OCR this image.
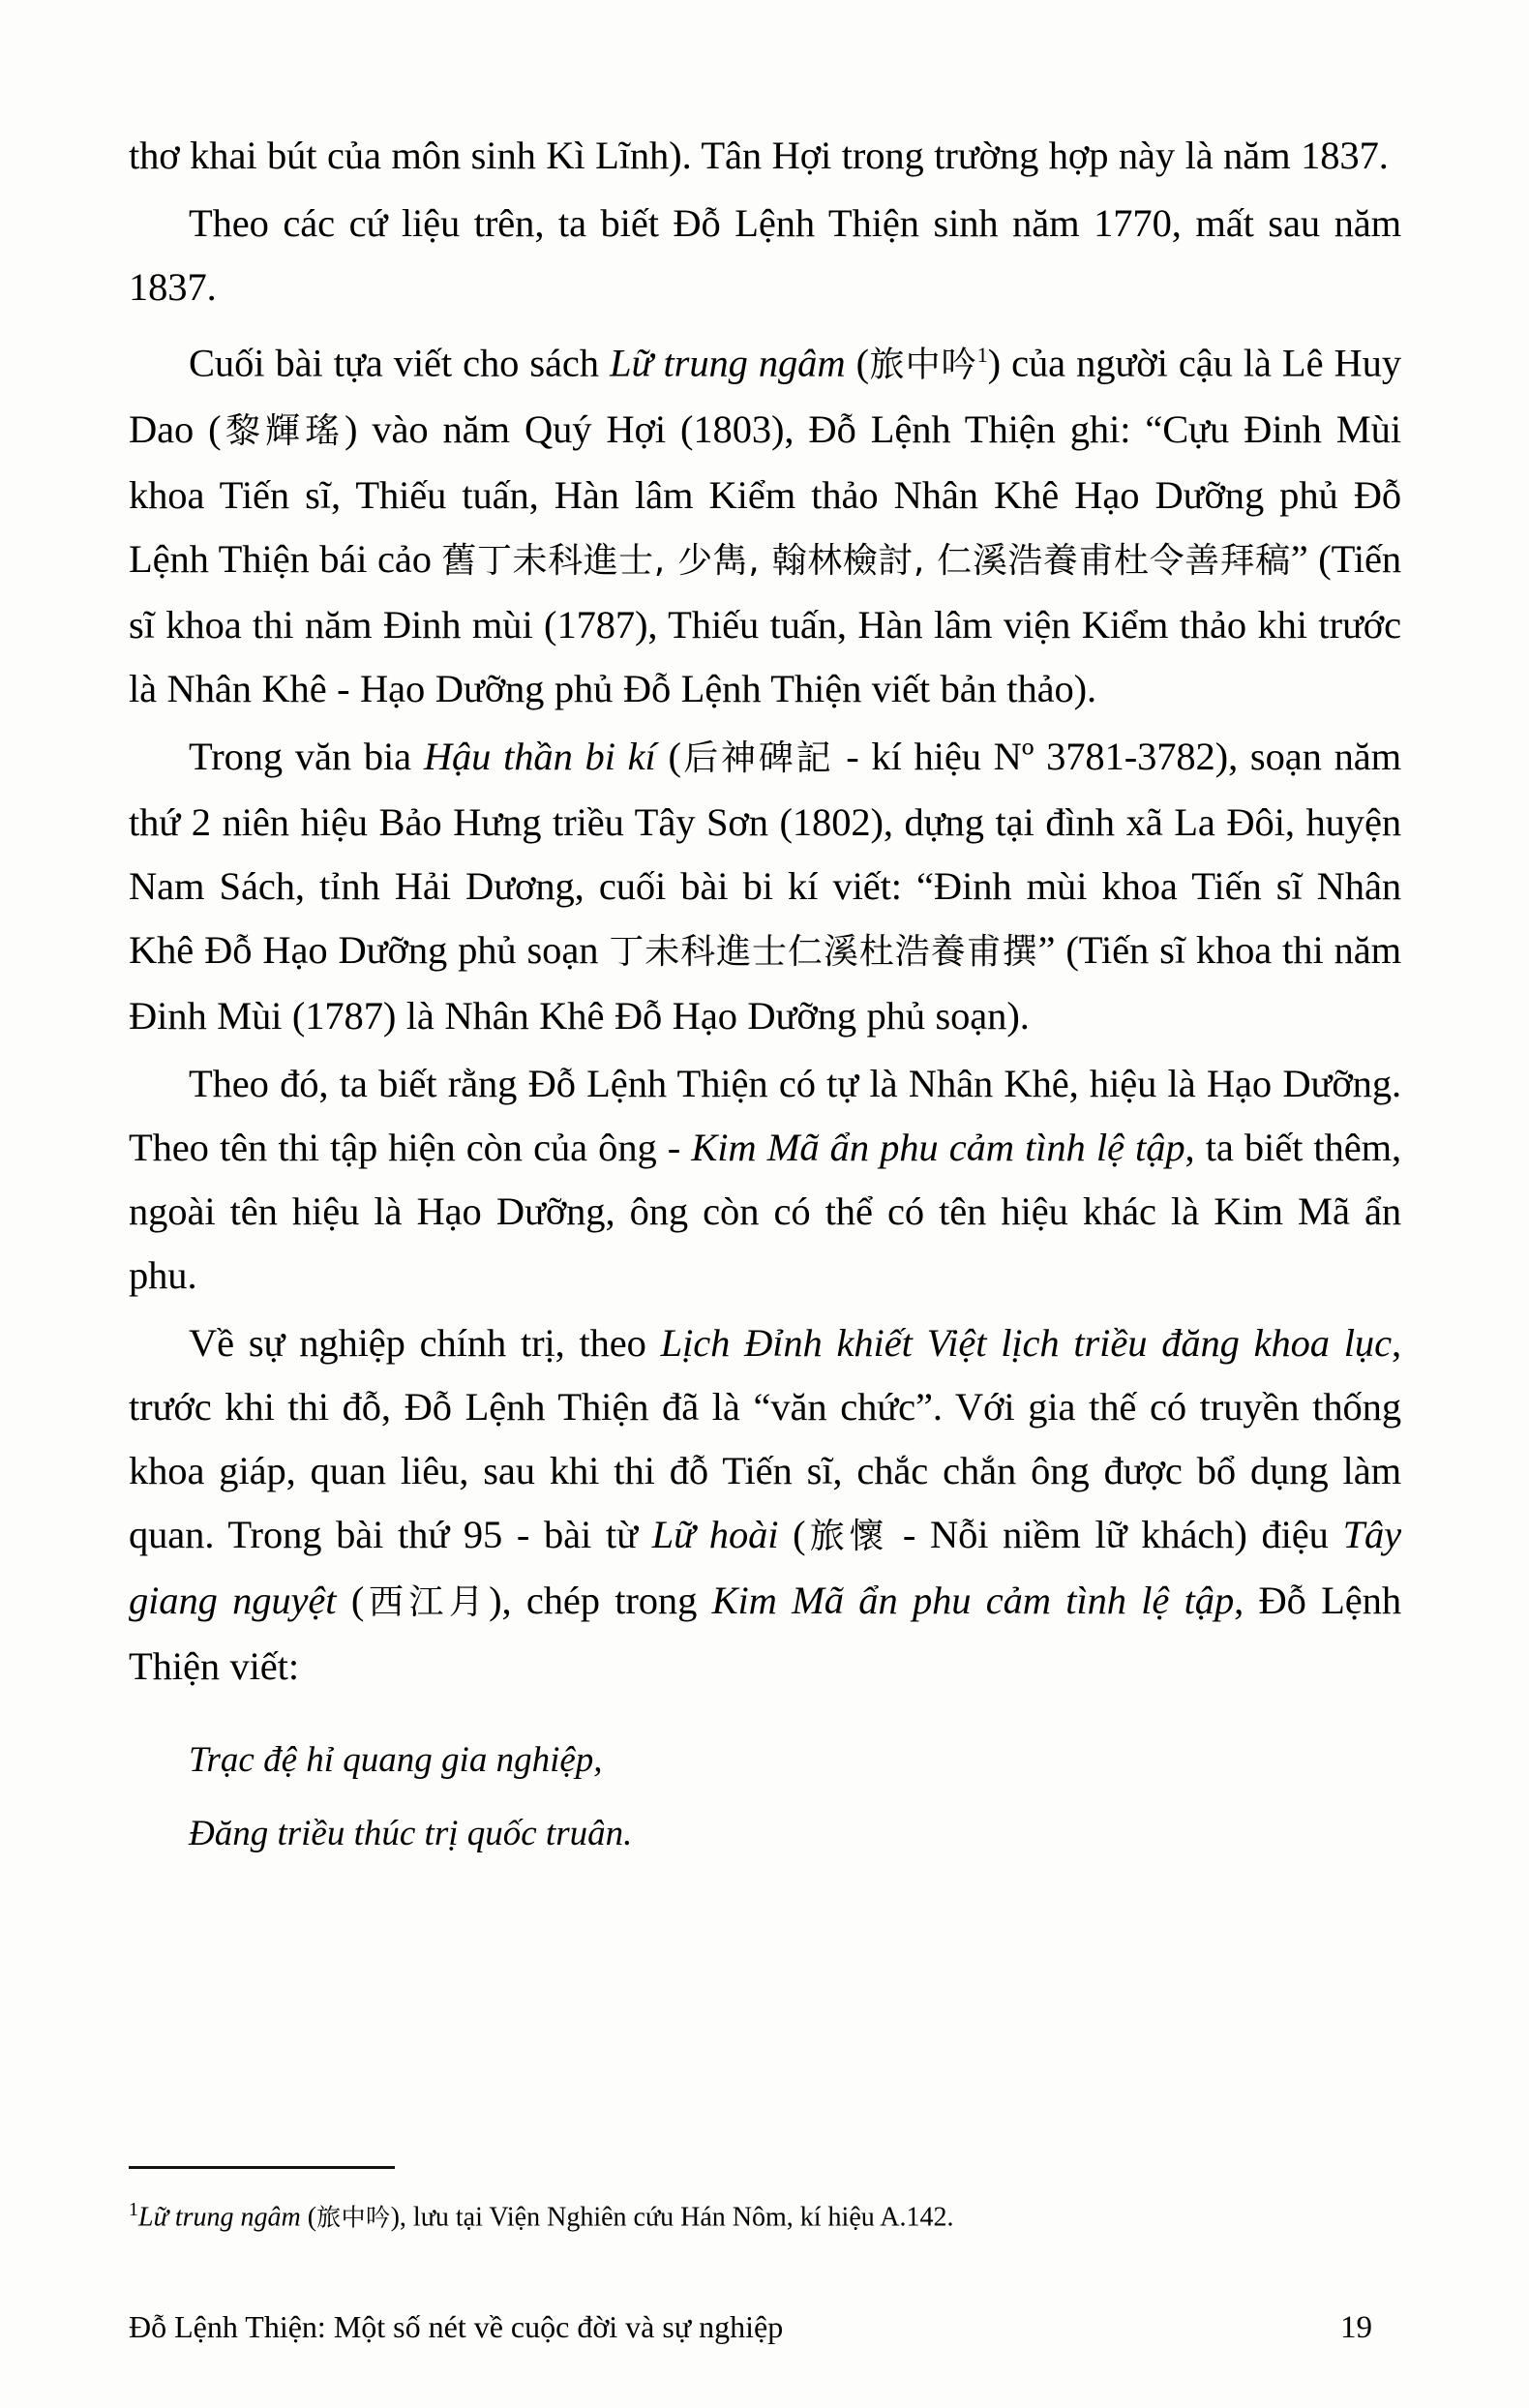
thơ khai bút của môn sinh Kì Lĩnh). Tân Hợi trong trường hợp này là năm 1837.

Theo các cứ liệu trên, ta biết Đỗ Lệnh Thiện sinh năm 1770, mất sau năm 1837.

Cuối bài tựa viết cho sách Lữ trung ngâm (旅中吟$^1$) của người cậu là Lê Huy Dao (黎輝瑤) vào năm Quý Hợi (1803), Đỗ Lệnh Thiện ghi: “Cựu Đinh Mùi khoa Tiến sĩ, Thiếu tuấn, Hàn lâm Kiểm thảo Nhân Khê Hạo Dưỡng phủ Đỗ Lệnh Thiện bái cảo 舊丁未科進士, 少雋, 翰林檢討, 仁溪浩養甫杜令善拜稿” (Tiến sĩ khoa thi năm Đinh mùi (1787), Thiếu tuấn, Hàn lâm viện Kiểm thảo khi trước là Nhân Khê - Hạo Dưỡng phủ Đỗ Lệnh Thiện viết bản thảo).

Trong văn bia Hậu thần bi kí (后神碑記 - kí hiệu Nº 3781-3782), soạn năm thứ 2 niên hiệu Bảo Hưng triều Tây Sơn (1802), dựng tại đình xã La Đôi, huyện Nam Sách, tỉnh Hải Dương, cuối bài bi kí viết: “Đinh mùi khoa Tiến sĩ Nhân Khê Đỗ Hạo Dưỡng phủ soạn 丁未科進士仁溪杜浩養甫撰” (Tiến sĩ khoa thi năm Đinh Mùi (1787) là Nhân Khê Đỗ Hạo Dưỡng phủ soạn).

Theo đó, ta biết rằng Đỗ Lệnh Thiện có tự là Nhân Khê, hiệu là Hạo Dưỡng. Theo tên thi tập hiện còn của ông - Kim Mã ẩn phu cảm tình lệ tập, ta biết thêm, ngoài tên hiệu là Hạo Dưỡng, ông còn có thể có tên hiệu khác là Kim Mã ẩn phu.

Về sự nghiệp chính trị, theo Lịch Đỉnh khiết Việt lịch triều đăng khoa lục, trước khi thi đỗ, Đỗ Lệnh Thiện đã là “văn chức”. Với gia thế có truyền thống khoa giáp, quan liêu, sau khi thi đỗ Tiến sĩ, chắc chắn ông được bổ dụng làm quan. Trong bài thứ 95 - bài từ Lữ hoài (旅懷 - Nỗi niềm lữ khách) điệu Tây giang nguyệt (西江月), chép trong Kim Mã ẩn phu cảm tình lệ tập, Đỗ Lệnh Thiện viết:

Trạc đệ hỉ quang gia nghiệp,

Đăng triều thúc trị quốc truân.

$^1$Lữ trung ngâm (旅中吟), lưu tại Viện Nghiên cứu Hán Nôm, kí hiệu A.142.

Đỗ Lệnh Thiện: Một số nét về cuộc đời và sự nghiệp	19
